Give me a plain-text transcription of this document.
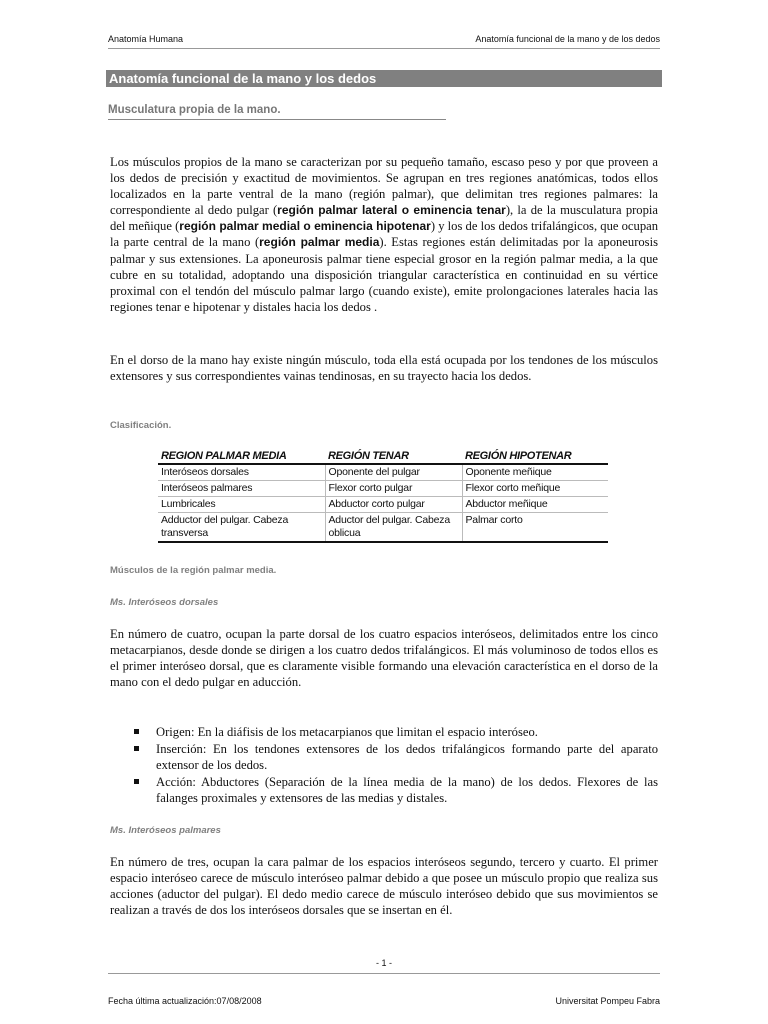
Anatomía Humana	Anatomía funcional de la mano y de los dedos
Anatomía funcional de la mano y los dedos
Musculatura propia de la mano.

Los músculos propios de la mano se caracterizan por su pequeño tamaño, escaso peso y por que proveen a los dedos de precisión y exactitud de movimientos. Se agrupan en tres regiones anatómicas, todos ellos localizados en la parte ventral de la mano (región palmar), que delimitan tres regiones palmares: la correspondiente al dedo pulgar (región palmar lateral o eminencia tenar), la de la musculatura propia del meñique (región palmar medial o eminencia hipotenar) y los de los dedos trifalángicos, que ocupan la parte central de la mano (región palmar media). Estas regiones están delimitadas por la aponeurosis palmar y sus extensiones. La aponeurosis palmar tiene especial grosor en la región palmar media, a la que cubre en su totalidad, adoptando una disposición triangular característica en continuidad en su vértice proximal con el tendón del músculo palmar largo (cuando existe), emite prolongaciones laterales hacia las regiones tenar e hipotenar y distales hacia los dedos .

En el dorso de la mano hay existe ningún músculo, toda ella está ocupada por los tendones de los músculos extensores y sus correspondientes vainas tendinosas, en su trayecto hacia los dedos.

Clasificación.
REGION PALMAR MEDIA	REGIÓN TENAR	REGIÓN HIPOTENAR
Interóseos dorsales	Oponente del pulgar	Oponente meñique
Interóseos palmares	Flexor corto pulgar	Flexor corto meñique
Lumbricales	Abductor corto pulgar	Abductor meñique
Adductor del pulgar. Cabeza transversa	Aductor del pulgar. Cabeza oblicua	Palmar corto
Músculos de la región palmar media.
Ms. Interóseos dorsales

En número de cuatro, ocupan la parte dorsal de los cuatro espacios interóseos, delimitados entre los cinco metacarpianos, desde donde se dirigen a los cuatro dedos trifalángicos. El más voluminoso de todos ellos es el primer interóseo dorsal, que es claramente visible formando una elevación característica en el dorso de la mano con el dedo pulgar en aducción.

Origen: En la diáfisis de los metacarpianos que limitan el espacio interóseo.
Inserción: En los tendones extensores de los dedos trifalángicos formando parte del aparato extensor de los dedos.
Acción: Abductores (Separación de la línea media de la mano) de los dedos. Flexores de las falanges proximales y extensores de las medias y distales.
Ms. Interóseos palmares

En número de tres, ocupan la cara palmar de los espacios interóseos segundo, tercero y cuarto. El primer espacio interóseo carece de músculo interóseo palmar debido a que posee un músculo propio que realiza sus acciones (aductor del pulgar). El dedo medio carece de músculo interóseo debido que sus movimientos se realizan a través de dos los interóseos dorsales que se insertan en él.

- 1 -
Fecha última actualización:07/08/2008	Universitat Pompeu Fabra
